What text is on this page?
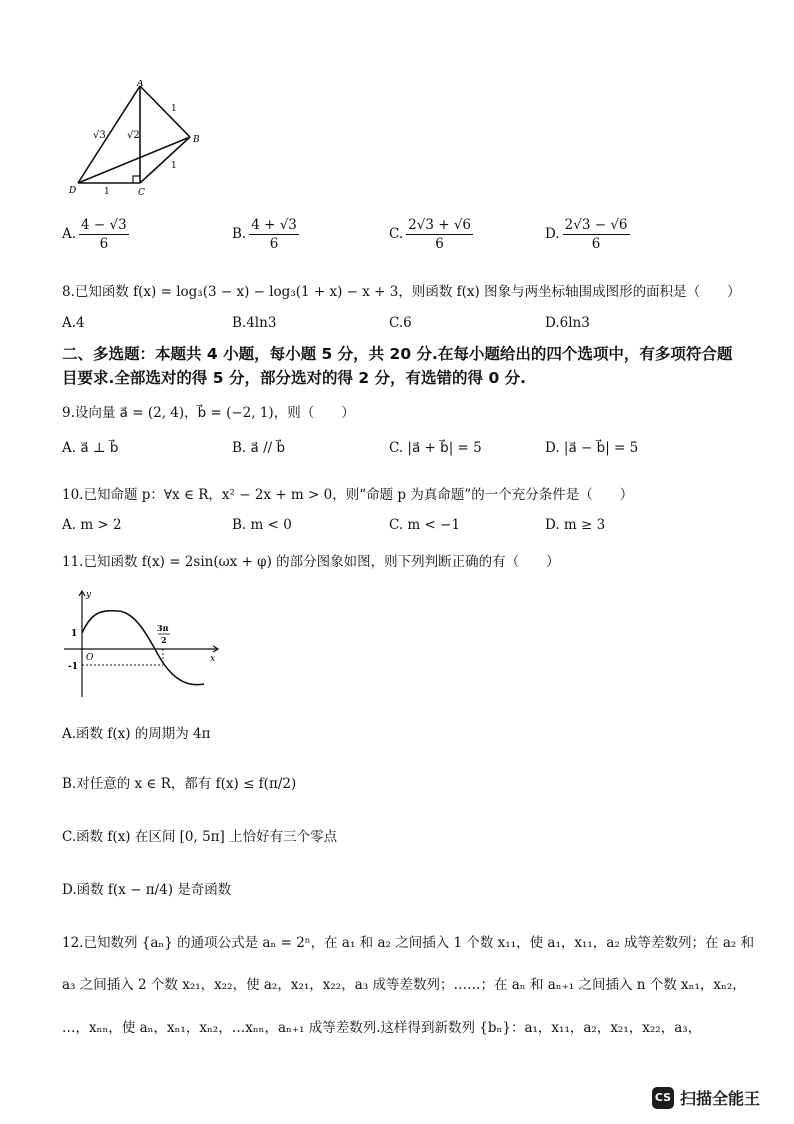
A
B
C
D
√3 √2
1
1
1
A. $\frac{4 - √3}{6}$	B. $\frac{4 + √3}{6}$	C. $\frac{2√3 + √6}{6}$	D. $\frac{2√3 - √6}{6}$
8.已知函数 f(x) = log₃(3 − x) − log₃(1 + x) − x + 3，则函数 f(x) 图象与两坐标轴围成图形的面积是（　　）
A.4	B.4ln3	C.6	D.6ln3
二、多选题：本题共 4 小题，每小题 5 分，共 20 分.在每小题给出的四个选项中，有多项符合题
目要求.全部选对的得 5 分，部分选对的得 2 分，有选错的得 0 分.
9.设向量 a⃗ = (2, 4)，b⃗ = (−2, 1)，则（　　）
A. a⃗ ⊥ b⃗	B. a⃗ // b⃗	C. |a⃗ + b⃗| = 5	D. |a⃗ − b⃗| = 5
10.已知命题 p：∀x ∈ R，x² − 2x + m > 0，则“命题 p 为真命题”的一个充分条件是（　　）
A. m > 2	B. m < 0	C. m < −1	D. m ≥ 3
11.已知函数 f(x) = 2sin(ωx + φ) 的部分图象如图，则下列判断正确的有（　　）
y
x
O
1
-1
3π
2
A.函数 f(x) 的周期为 4π
B.对任意的 x ∈ R，都有 f(x) ≤ f(π/2)
C.函数 f(x) 在区间 [0, 5π] 上恰好有三个零点
D.函数 f(x − π/4) 是奇函数
12.已知数列 {aₙ} 的通项公式是 aₙ = 2ⁿ，在 a₁ 和 a₂ 之间插入 1 个数 x₁₁，使 a₁，x₁₁，a₂ 成等差数列；在 a₂ 和
a₃ 之间插入 2 个数 x₂₁，x₂₂，使 a₂，x₂₁，x₂₂，a₃ 成等差数列；……；在 aₙ 和 aₙ₊₁ 之间插入 n 个数 xₙ₁，xₙ₂，
…，xₙₙ，使 aₙ，xₙ₁，xₙ₂，…xₙₙ，aₙ₊₁ 成等差数列.这样得到新数列 {bₙ}：a₁，x₁₁，a₂，x₂₁，x₂₂，a₃，
CS 扫描全能王
